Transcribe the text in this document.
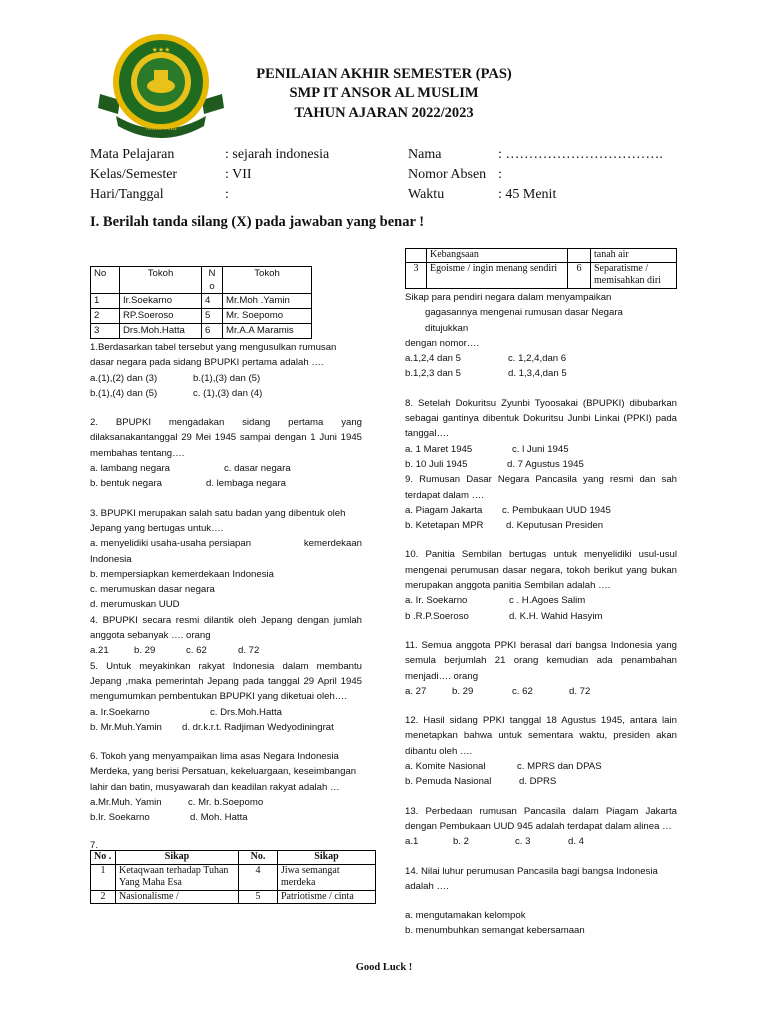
★★★
TANGERANG
PENILAIAN AKHIR SEMESTER (PAS)
SMP IT ANSOR AL MUSLIM
TAHUN AJARAN 2022/2023
Mata Pelajaran	: sejarah indonesia
Kelas/Semester	: VII
Hari/Tanggal	:
Nama	: …………………………….
Nomor Absen :
Waktu	: 45 Menit
I. Berilah tanda silang (X) pada jawaban yang benar !
No	Tokoh	N o	Tokoh
1	Ir.Soekarno	4	Mr.Moh .Yamin
2	RP.Soeroso	5	Mr. Soepomo
3	Drs.Moh.Hatta	6	Mr.A.A Maramis
1.Berdasarkan tabel tersebut yang mengusulkan rumusan dasar negara pada sidang BPUPKI pertama adalah ….
a.(1),(2) dan (3)	b.(1),(3) dan (5)
b.(1),(4) dan (5)	c. (1),(3) dan (4)
2. BPUPKI mengadakan sidang pertama yang dilaksanakantanggal 29 Mei 1945 sampai dengan 1 Juni 1945 membahas tentang….
a. lambang negara	c. dasar negara
b. bentuk negara	d. lembaga negara
3. BPUPKI merupakan salah satu badan yang dibentuk oleh Jepang yang bertugas untuk….
a. menyelidiki usaha-usaha persiapan	kemerdekaan
Indonesia
b. mempersiapkan kemerdekaan Indonesia
c. merumuskan dasar negara
d. merumuskan UUD
4. BPUPKI secara resmi dilantik oleh Jepang dengan jumlah anggota sebanyak …. orang
a.21	b. 29	c. 62	d. 72
5. Untuk meyakinkan rakyat Indonesia dalam membantu Jepang ,maka pemerintah Jepang pada tanggal 29 April 1945 mengumumkan pembentukan BPUPKI yang diketuai oleh….
a. Ir.Soekarno	c. Drs.Moh.Hatta
b. Mr.Muh.Yamin	d. dr.k.r.t. Radjiman Wedyodiningrat
6. Tokoh yang menyampaikan lima asas Negara Indonesia Merdeka, yang berisi Persatuan, kekeluargaan, keseimbangan lahir dan batin, musyawarah dan keadilan rakyat adalah …
a.Mr.Muh. Yamin	c. Mr. b.Soepomo
b.Ir. Soekarno	d. Moh. Hatta
7.
No .	Sikap	No.	Sikap
1	Ketaqwaan terhadap Tuhan Yang Maha Esa	4	Jiwa semangat merdeka
2	Nasionalisme /	5	Patriotisme / cinta
	Kebangsaan		tanah air
3	Egoisme / ingin menang sendiri	6	Separatisme / memisahkan diri
Sikap para pendiri negara dalam menyampaikan
gagasannya mengenai rumusan dasar Negara
ditujukkan
dengan nomor….
a.1,2,4 dan 5	c. 1,2,4,dan 6
b.1,2,3 dan 5	d. 1,3,4,dan 5
8. Setelah Dokuritsu Zyunbi Tyoosakai (BPUPKI) dibubarkan sebagai gantinya dibentuk Dokuritsu Junbi Linkai (PPKI) pada tanggal….
a. 1 Maret 1945	c. l Juni 1945
b. 10 Juli 1945	d. 7 Agustus 1945
9. Rumusan Dasar Negara Pancasila yang resmi dan sah terdapat dalam ….
a. Piagam Jakarta	c. Pembukaan UUD 1945
b. Ketetapan MPR	d. Keputusan Presiden
10. Panitia Sembilan bertugas untuk menyelidiki usul-usul mengenai perumusan dasar negara, tokoh berikut yang bukan merupakan anggota panitia Sembilan adalah ….
a. Ir. Soekarno	c . H.Agoes Salim
b .R.P.Soeroso	d. K.H. Wahid Hasyim
11. Semua anggota PPKI berasal dari bangsa Indonesia yang semula berjumlah 21 orang kemudian ada penambahan menjadi…. orang
a. 27	b. 29	c. 62	d. 72
12. Hasil sidang PPKI tanggal 18 Agustus 1945, antara lain menetapkan bahwa untuk sementara waktu, presiden akan dibantu oleh ….
a. Komite Nasional	c. MPRS dan DPAS
b. Pemuda Nasional	d. DPRS
13. Perbedaan rumusan Pancasila dalam Piagam Jakarta dengan Pembukaan UUD 945 adalah terdapat dalam alinea …
a.1	b. 2	c. 3	d. 4
14. Nilai luhur perumusan Pancasila bagi bangsa Indonesia adalah ….
a. mengutamakan kelompok
b. menumbuhkan semangat kebersamaan
Good Luck !
